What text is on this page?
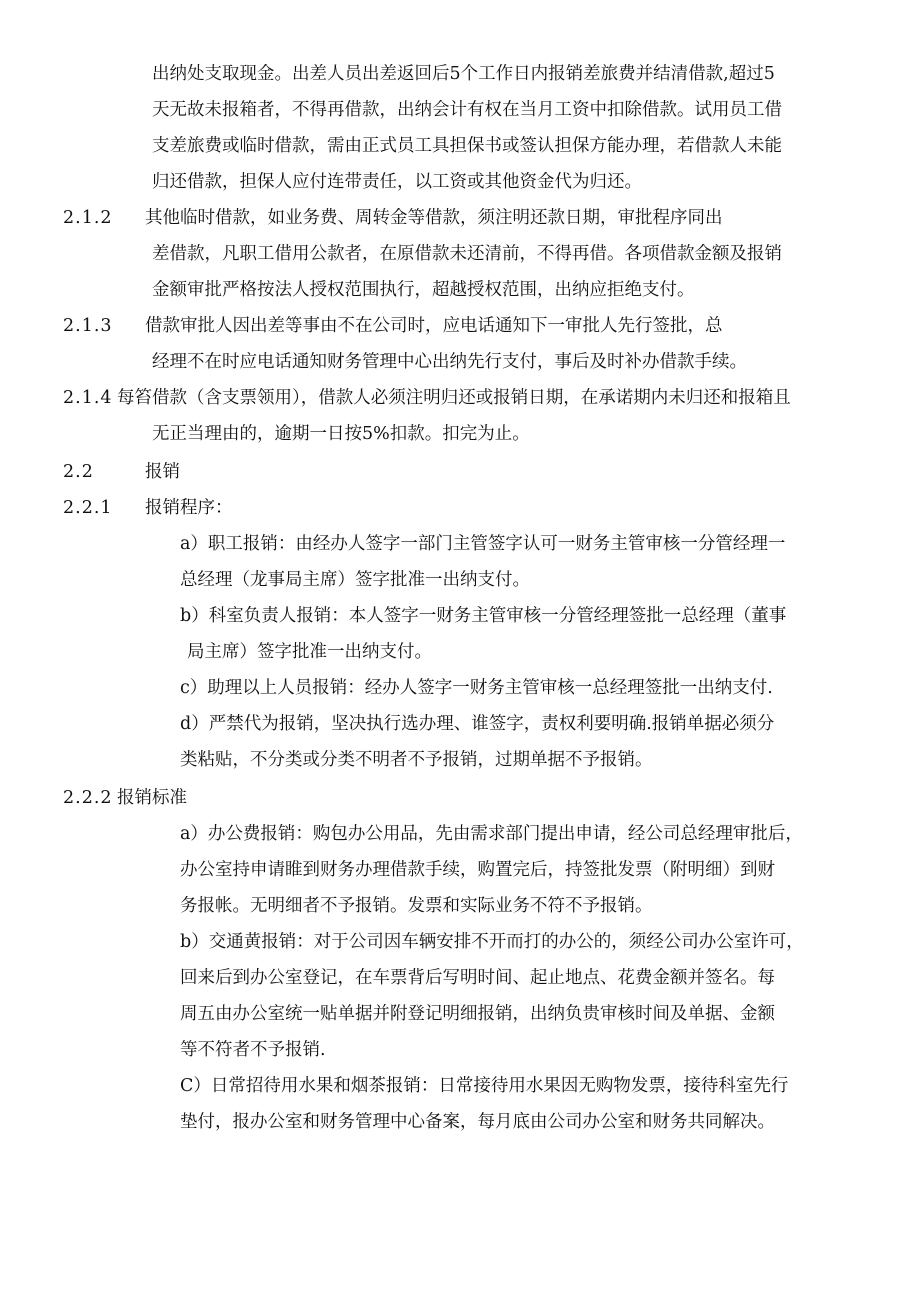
出纳处支取现金。出差人员出差返回后5个工作日内报销差旅费并结清借款,超过5
天无故未报箱者，不得再借款，出纳会计有权在当月工资中扣除借款。试用员工借
支差旅费或临时借款，需由正式员工具担保书或签认担保方能办理，若借款人未能
归还借款，担保人应付连带责任，以工资或其他资金代为归还。
2.1.2 其他临时借款，如业务费、周转金等借款，须注明还款日期，审批程序同出
差借款，凡职工借用公款者，在原借款未还清前，不得再借。各项借款金额及报销
金额审批严格按法人授权范围执行，超越授权范围，出纳应拒绝支付。
2.1.3 借款审批人因出差等事由不在公司时，应电话通知下一审批人先行签批，总
经理不在时应电话通知财务管理中心出纳先行支付，事后及时补办借款手续。
2.1.4 每笞借款（含支票领用），借款人必须注明归还或报销日期，在承诺期内未归还和报箱且
无正当理由的，逾期一日按5%扣款。扣完为止。
2.2	报销
2.2.1 报销程序：
a）职工报销：由经办人签字一部门主管签字认可一财务主管审核一分管经理一
总经理（龙事局主席）签字批准一出纳支付。
b）科室负责人报销：本人签字一财务主管审核一分管经理签批一总经理（董事
局主席）签字批准一出纳支付。
c）助理以上人员报销：经办人签字一财务主管审核一总经理签批一出纳支付.
d）严禁代为报销，坚决执行选办理、谁签字，责权利要明确.报销单据必须分
类粘贴，不分类或分类不明者不予报销，过期单据不予报销。
2.2.2 报销标准
a）办公费报销：购包办公用品，先由需求部门提出申请，经公司总经理审批后，
办公室持申请睢到财务办理借款手续，购置完后，持签批发票（附明细）到财
务报帐。无明细者不予报销。发票和实际业务不符不予报销。
b）交通黄报销：对于公司因车辆安排不开而打的办公的，须经公司办公室许可，
回来后到办公室登记，在车票背后写明时间、起止地点、花费金额并签名。每
周五由办公室统一贴单据并附登记明细报销，出纳负贵审核时间及单据、金额
等不符者不予报销.
C）日常招待用水果和烟茶报销：日常接待用水果因无购物发票，接待科室先行
垫付，报办公室和财务管理中心备案，每月底由公司办公室和财务共同解决。
